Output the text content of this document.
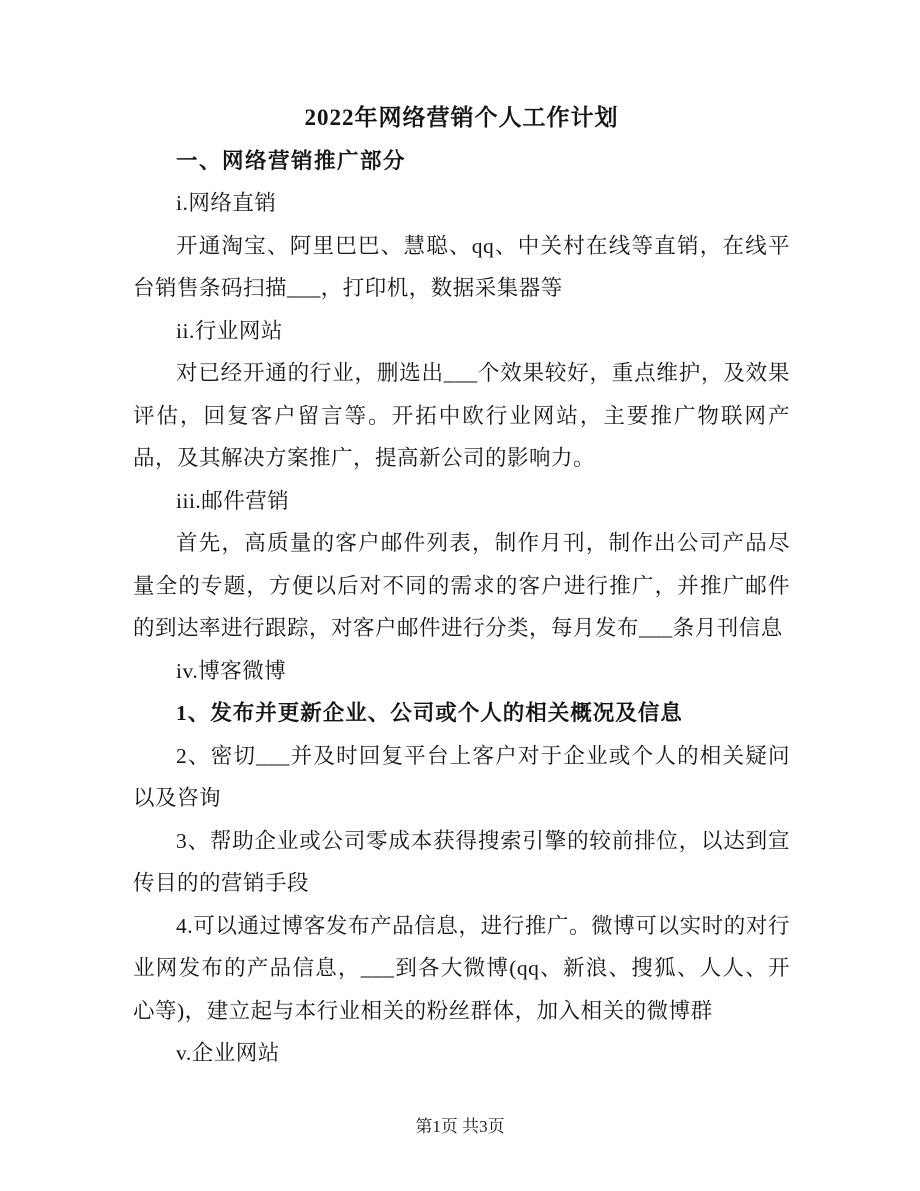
2022年网络营销个人工作计划

一、网络营销推广部分

i.网络直销

开通淘宝、阿里巴巴、慧聪、qq、中关村在线等直销，在线平台销售条码扫描___，打印机，数据采集器等

ii.行业网站

对已经开通的行业，删选出___个效果较好，重点维护，及效果评估，回复客户留言等。开拓中欧行业网站，主要推广物联网产品，及其解决方案推广，提高新公司的影响力。

iii.邮件营销

首先，高质量的客户邮件列表，制作月刊，制作出公司产品尽量全的专题，方便以后对不同的需求的客户进行推广，并推广邮件的到达率进行跟踪，对客户邮件进行分类，每月发布___条月刊信息

iv.博客微博

1、发布并更新企业、公司或个人的相关概况及信息

2、密切___并及时回复平台上客户对于企业或个人的相关疑问以及咨询

3、帮助企业或公司零成本获得搜索引擎的较前排位，以达到宣传目的的营销手段

4.可以通过博客发布产品信息，进行推广。微博可以实时的对行业网发布的产品信息，___到各大微博(qq、新浪、搜狐、人人、开心等)，建立起与本行业相关的粉丝群体，加入相关的微博群

v.企业网站

第1页 共3页
